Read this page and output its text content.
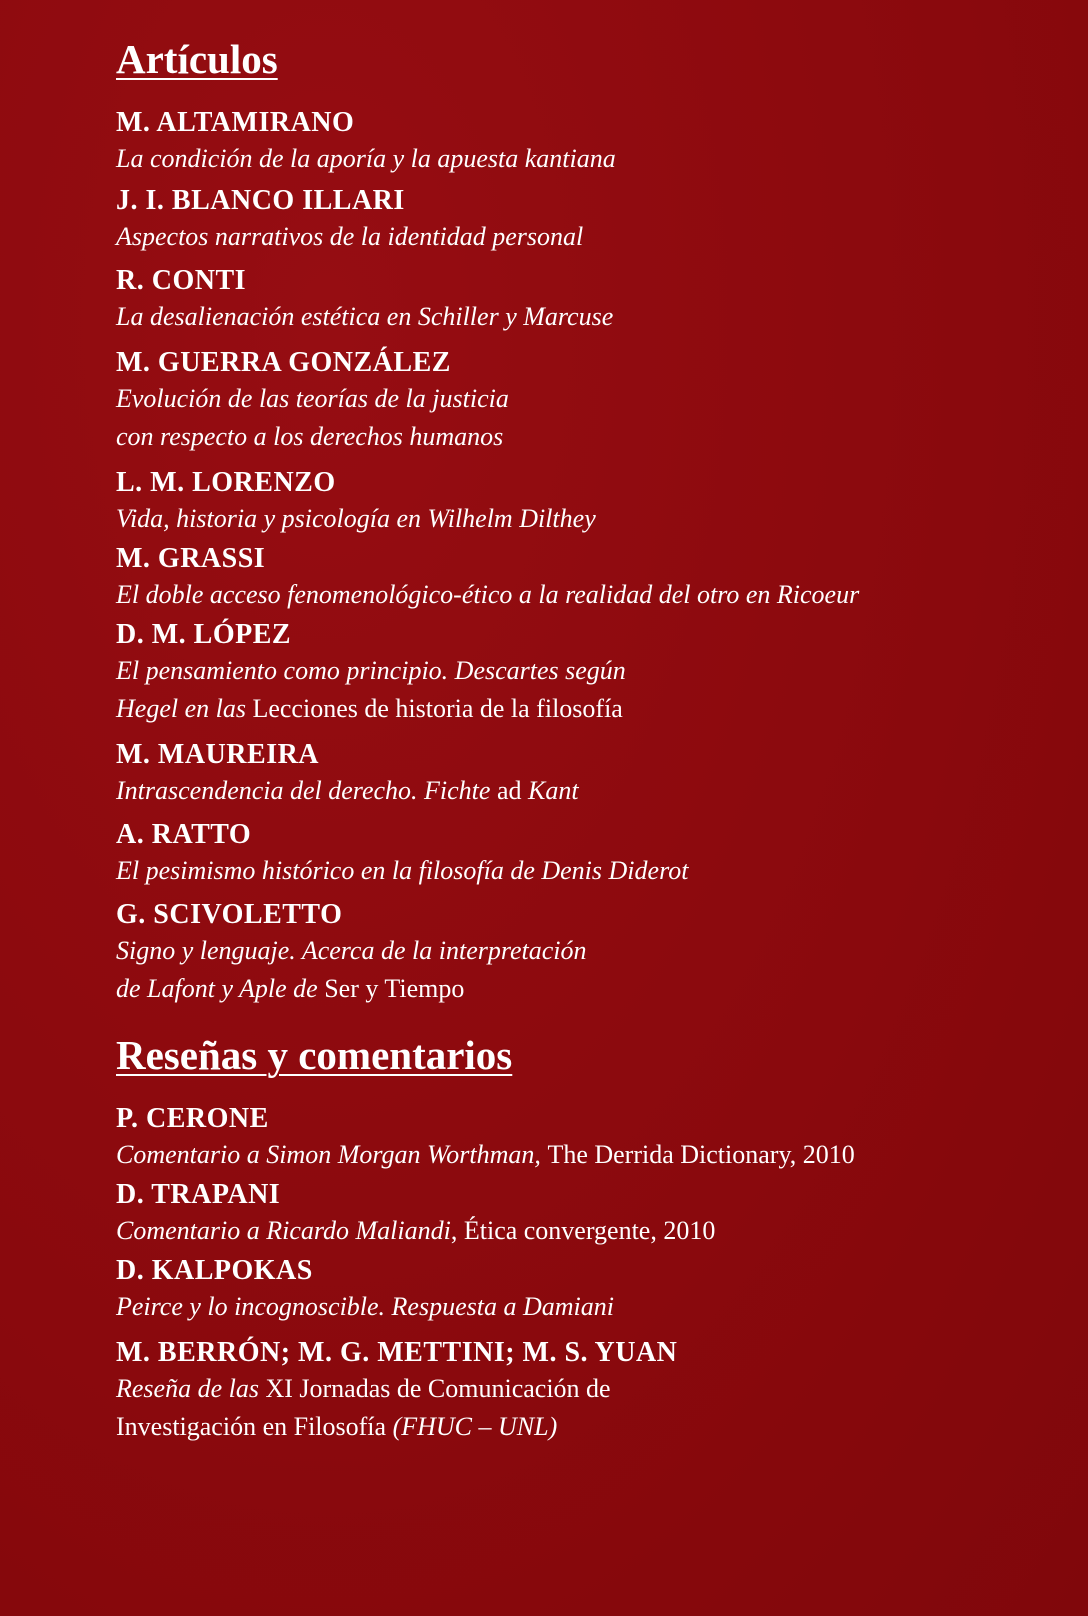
Artículos
M. ALTAMIRANO
La condición de la aporía y la apuesta kantiana
J. I. BLANCO ILLARI
Aspectos narrativos de la identidad personal
R. CONTI
La desalienación estética en Schiller y Marcuse
M. GUERRA GONZÁLEZ
Evolución de las teorías de la justicia
con respecto a los derechos humanos
L. M. LORENZO
Vida, historia y psicología en Wilhelm Dilthey
M. GRASSI
El doble acceso fenomenológico-ético a la realidad del otro en Ricoeur
D. M. LÓPEZ
El pensamiento como principio. Descartes según
Hegel en las Lecciones de historia de la filosofía
M. MAUREIRA
Intrascendencia del derecho. Fichte ad Kant
A. RATTO
El pesimismo histórico en la filosofía de Denis Diderot
G. SCIVOLETTO
Signo y lenguaje. Acerca de la interpretación
de Lafont y Aple de Ser y Tiempo
Reseñas y comentarios
P. CERONE
Comentario a Simon Morgan Worthman, The Derrida Dictionary, 2010
D. TRAPANI
Comentario a Ricardo Maliandi, Ética convergente, 2010
D. KALPOKAS
Peirce y lo incognoscible. Respuesta a Damiani
M. BERRÓN; M. G. METTINI; M. S. YUAN
Reseña de las XI Jornadas de Comunicación de
Investigación en Filosofía (FHUC – UNL)
